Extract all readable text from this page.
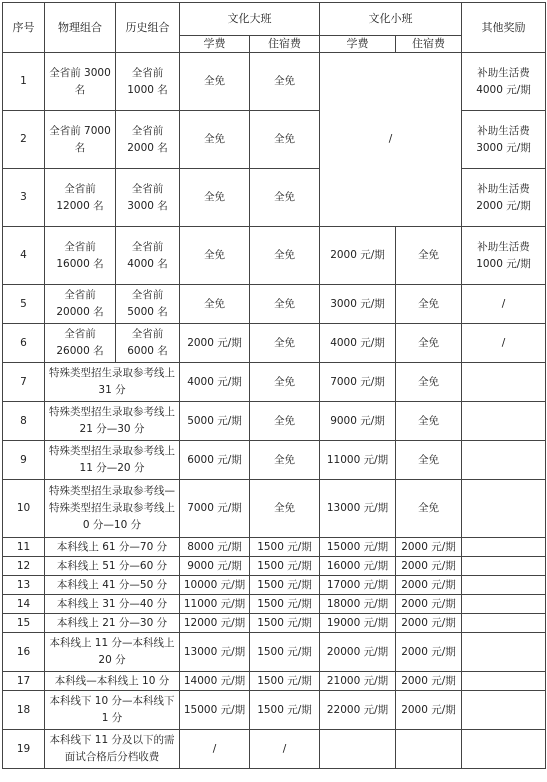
序号	物理组合	历史组合	文化大班		文化小班		其他奖励
			学费	住宿费	学费	住宿费	
1	全省前 3000 名	全省前 1000 名	全免	全免	/		补助生活费 4000 元/期
2	全省前 7000 名	全省前 2000 名	全免	全免			补助生活费 3000 元/期
3	全省前 12000 名	全省前 3000 名	全免	全免			补助生活费 2000 元/期
4	全省前 16000 名	全省前 4000 名	全免	全免	2000 元/期	全免	补助生活费 1000 元/期
5	全省前 20000 名	全省前 5000 名	全免	全免	3000 元/期	全免	/
6	全省前 26000 名	全省前 6000 名	2000 元/期	全免	4000 元/期	全免	/
7	特殊类型招生录取参考线上 31 分		4000 元/期	全免	7000 元/期	全免	
8	特殊类型招生录取参考线上 21 分—30 分		5000 元/期	全免	9000 元/期	全免	
9	特殊类型招生录取参考线上 11 分—20 分		6000 元/期	全免	11000 元/期	全免	
10	特殊类型招生录取参考线—特殊类型招生录取参考线上 0 分—10 分		7000 元/期	全免	13000 元/期	全免	
11	本科线上 61 分—70 分		8000 元/期	1500 元/期	15000 元/期	2000 元/期	
12	本科线上 51 分—60 分		9000 元/期	1500 元/期	16000 元/期	2000 元/期	
13	本科线上 41 分—50 分		10000 元/期	1500 元/期	17000 元/期	2000 元/期	
14	本科线上 31 分—40 分		11000 元/期	1500 元/期	18000 元/期	2000 元/期	
15	本科线上 21 分—30 分		12000 元/期	1500 元/期	19000 元/期	2000 元/期	
16	本科线上 11 分—本科线上 20 分		13000 元/期	1500 元/期	20000 元/期	2000 元/期	
17	本科线—本科线上 10 分		14000 元/期	1500 元/期	21000 元/期	2000 元/期	
18	本科线下 10 分—本科线下 1 分		15000 元/期	1500 元/期	22000 元/期	2000 元/期	
19	本科线下 11 分及以下的需面试合格后分档收费		/	/			
